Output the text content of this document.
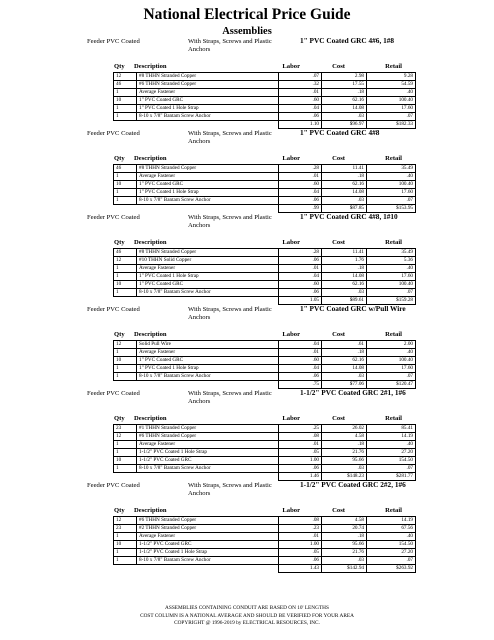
National Electrical Price Guide
Assemblies
Feeder PVC Coated	With Straps, Screws and Plastic Anchors
1" PVC Coated GRC 4#6, 1#8
Qty Description	Labor	Cost	Retail
12	#8 THHN Stranded Copper	.07	2.98	9.28
46	#6 THHN Stranded Copper	.32	17.55	54.59
1	Average Fastener	.01	.18	.40
10	1" PVC Coated GRC	.60	62.16	100.40
1	1" PVC Coated 1 Hole Strap	.04	14.08	17.60
1	8-10 x 7/8" Bantam Screw Anchor	.06	.03	.07
		1.10	$96.97	$182.33
Feeder PVC Coated	With Straps, Screws and Plastic Anchors
1" PVC Coated GRC 4#8
Qty Description	Labor	Cost	Retail
46	#8 THHN Stranded Copper	.28	11.41	35.49
1	Average Fastener	.01	.18	.40
10	1" PVC Coated GRC	.60	62.16	100.40
1	1" PVC Coated 1 Hole Strap	.04	14.08	17.60
1	8-10 x 7/8" Bantam Screw Anchor	.06	.03	.07
		.99	$87.85	$153.95
Feeder PVC Coated	With Straps, Screws and Plastic Anchors
1" PVC Coated GRC 4#8, 1#10
Qty Description	Labor	Cost	Retail
46	#8 THHN Stranded Copper	.28	11.41	35.49
12	#10 THHN Solid Copper	.06	1.76	5.36
1	Average Fastener	.01	.18	.40
1	1" PVC Coated 1 Hole Strap	.04	14.08	17.60
10	1" PVC Coated GRC	.60	62.16	100.40
1	8-10 x 7/8" Bantam Screw Anchor	.06	.03	.07
		1.05	$89.61	$159.28
Feeder PVC Coated	With Straps, Screws and Plastic Anchors
1" PVC Coated GRC w/Pull Wire
Qty Description	Labor	Cost	Retail
12	Solid Pull Wire	.04	.61	2.00
1	Average Fastener	.01	.18	.40
10	1" PVC Coated GRC	.60	62.16	100.40
1	1" PVC Coated 1 Hole Strap	.04	14.08	17.60
1	8-10 x 7/8" Bantam Screw Anchor	.06	.03	.07
		.75	$77.06	$120.47
Feeder PVC Coated	With Straps, Screws and Plastic Anchors
1-1/2" PVC Coated GRC 2#1, 1#6
Qty Description	Labor	Cost	Retail
23	#1 THHN Stranded Copper	.25	26.02	85.41
12	#6 THHN Stranded Copper	.08	4.58	14.19
1	Average Fastener	.01	.18	.40
1	1-1/2" PVC Coated 1 Hole Strap	.05	21.76	27.20
10	1-1/2" PVC Coated GRC	1.00	95.66	154.50
1	8-10 x 7/8" Bantam Screw Anchor	.06	.03	.07
		1.46	$148.23	$281.77
Feeder PVC Coated	With Straps, Screws and Plastic Anchors
1-1/2" PVC Coated GRC 2#2, 1#6
Qty Description	Labor	Cost	Retail
12	#6 THHN Stranded Copper	.08	4.58	14.19
23	#2 THHN Stranded Copper	.23	20.74	67.56
1	Average Fastener	.01	.18	.40
10	1-1/2" PVC Coated GRC	1.00	95.66	154.50
1	1-1/2" PVC Coated 1 Hole Strap	.05	21.76	27.20
1	8-10 x 7/8" Bantam Screw Anchor	.06	.03	.07
		1.43	$142.94	$263.92
ASSEMBLIES CONTAINING CONDUIT ARE BASED ON 10' LENGTHS
COST COLUMN IS A NATIONAL AVERAGE AND SHOULD BE VERIFIED FOR YOUR AREA
COPYRIGHT @ 1996-2019 by ELECTRICAL RESOURCES, INC.
